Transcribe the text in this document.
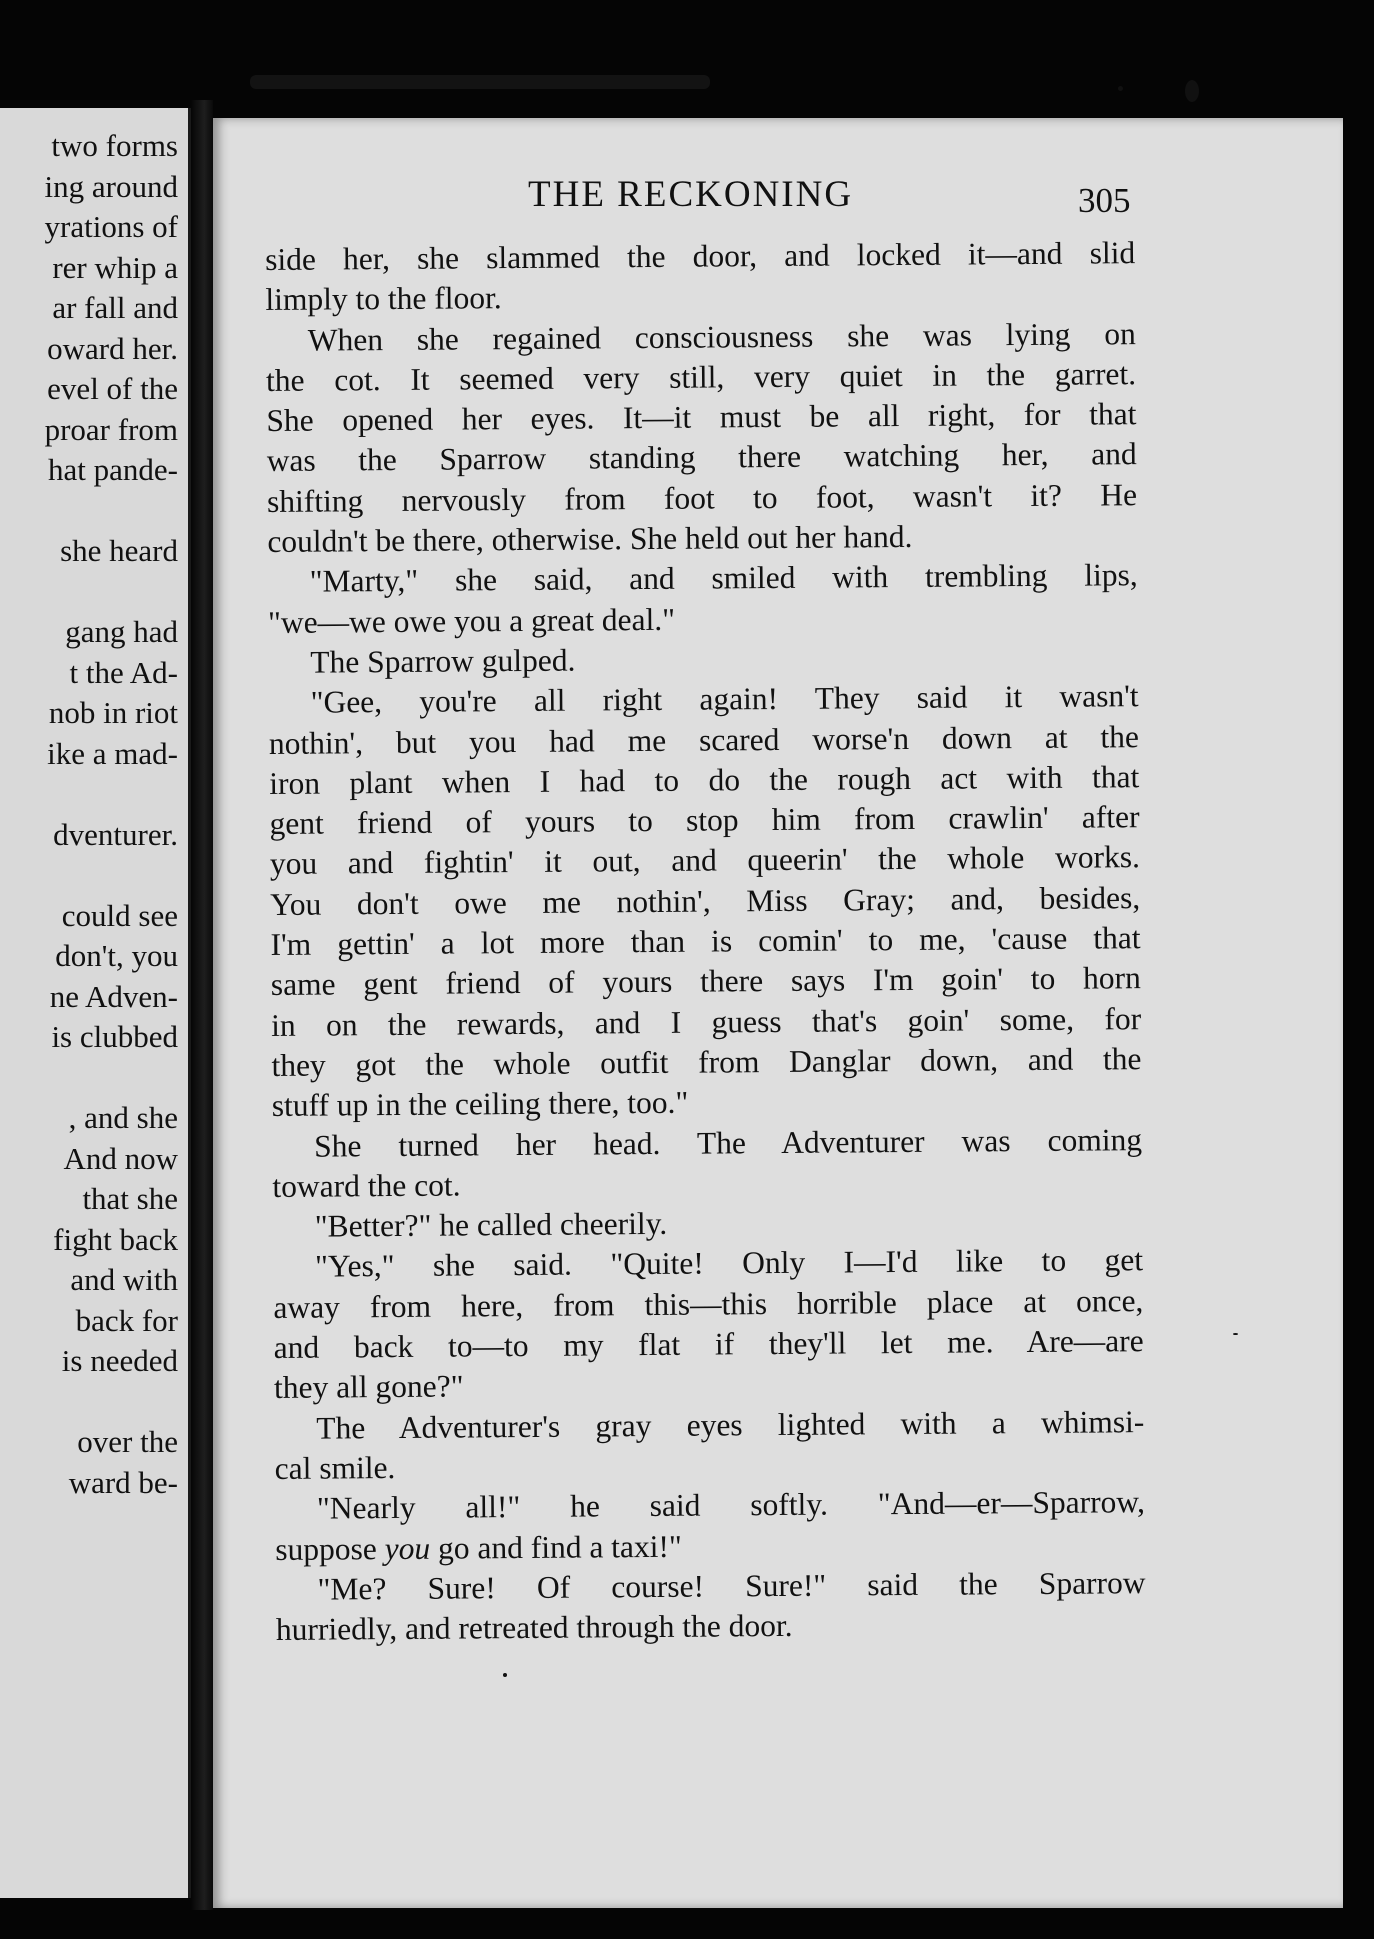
two forms
ing around
yrations of
rer whip a
ar fall and
oward her.
evel of the
proar from
hat pande-
she heard
gang had
t the Ad-
nob in riot
ike a mad-
dventurer.
could see
don't, you
ne Adven-
is clubbed
, and she
And now
that she
fight back
and with
back for
is needed
over the
ward be-
THE RECKONING	305
side her, she slammed the door, and locked it—and slid
limply to the floor.
When she regained consciousness she was lying on
the cot. It seemed very still, very quiet in the garret.
She opened her eyes. It—it must be all right, for that
was the Sparrow standing there watching her, and
shifting nervously from foot to foot, wasn't it? He
couldn't be there, otherwise. She held out her hand.
"Marty," she said, and smiled with trembling lips,
"we—we owe you a great deal."
The Sparrow gulped.
"Gee, you're all right again! They said it wasn't
nothin', but you had me scared worse'n down at the
iron plant when I had to do the rough act with that
gent friend of yours to stop him from crawlin' after
you and fightin' it out, and queerin' the whole works.
You don't owe me nothin', Miss Gray; and, besides,
I'm gettin' a lot more than is comin' to me, 'cause that
same gent friend of yours there says I'm goin' to horn
in on the rewards, and I guess that's goin' some, for
they got the whole outfit from Danglar down, and the
stuff up in the ceiling there, too."
She turned her head. The Adventurer was coming
toward the cot.
"Better?" he called cheerily.
"Yes," she said. "Quite! Only I—I'd like to get
away from here, from this—this horrible place at once,
and back to—to my flat if they'll let me. Are—are
they all gone?"
The Adventurer's gray eyes lighted with a whimsi-
cal smile.
"Nearly all!" he said softly. "And—er—Sparrow,
suppose you go and find a taxi!"
"Me? Sure! Of course! Sure!" said the Sparrow
hurriedly, and retreated through the door.
